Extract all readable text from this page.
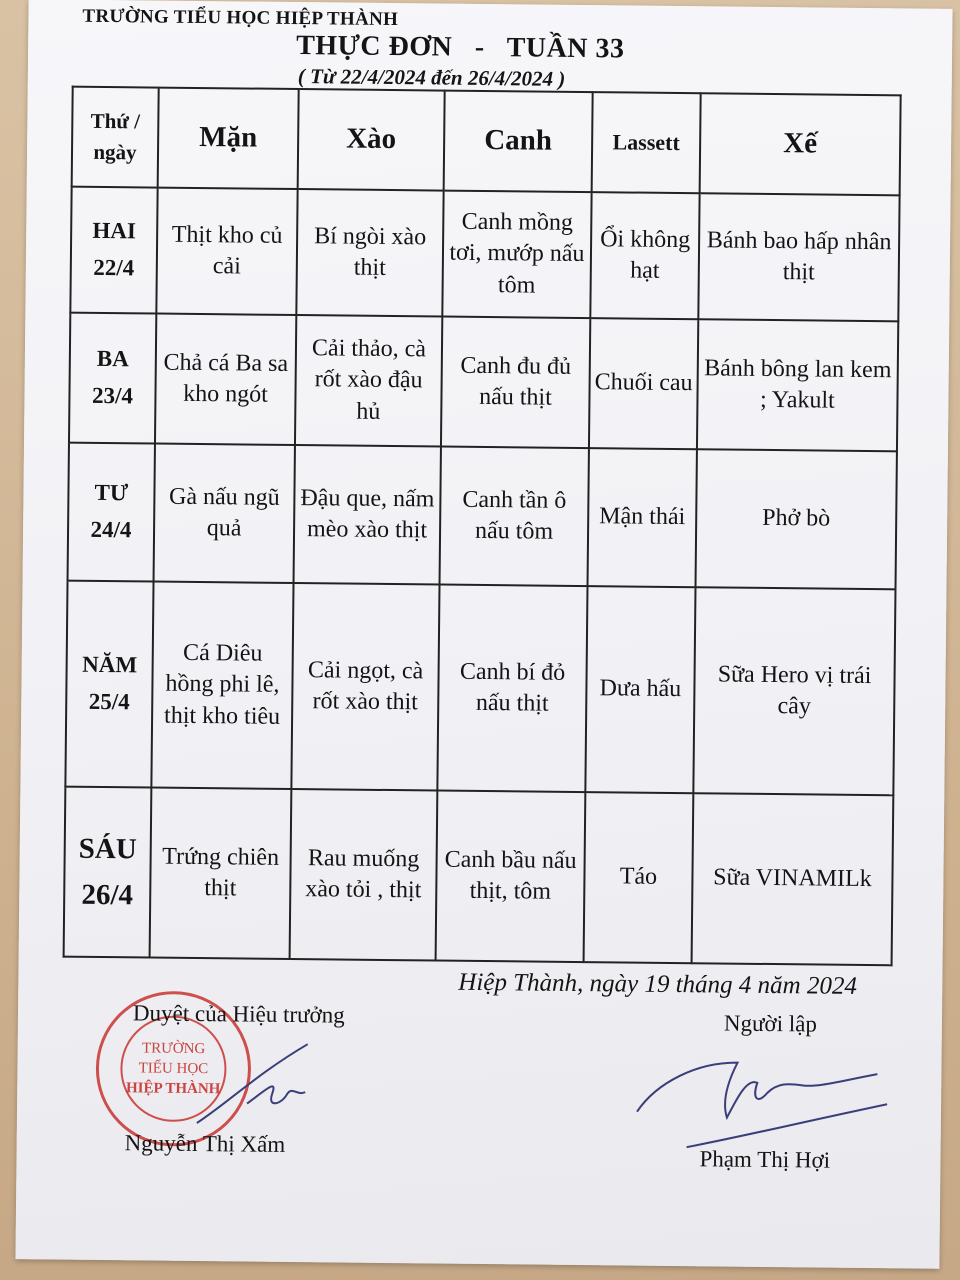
TRƯỜNG TIỂU HỌC HIỆP THÀNH
THỰC ĐƠN - TUẦN 33
( Từ 22/4/2024 đến 26/4/2024 )
Thứ /
ngày	Mặn	Xào	Canh	Lassett	Xế
HAI
22/4	Thịt kho củ cải	Bí ngòi xào thịt	Canh mồng tơi, mướp nấu tôm	Ổi không hạt	Bánh bao hấp nhân thịt
BA
23/4	Chả cá Ba sa kho ngót	Cải thảo, cà rốt xào đậu hủ	Canh đu đủ nấu thịt	Chuối cau	Bánh bông lan kem ; Yakult
TƯ
24/4	Gà nấu ngũ quả	Đậu que, nấm mèo xào thịt	Canh tần ô nấu tôm	Mận thái	Phở bò
NĂM
25/4	Cá Diêu hồng phi lê, thịt kho tiêu	Cải ngọt, cà rốt xào thịt	Canh bí đỏ nấu thịt	Dưa hấu	Sữa Hero vị trái cây
SÁU
26/4	Trứng chiên thịt	Rau muống xào tỏi , thịt	Canh bầu nấu thịt, tôm	Táo	Sữa VINAMILk
Hiệp Thành, ngày 19 tháng 4 năm 2024
TRƯỜNG
TIỂU HỌC
HIỆP THÀNH
Duyệt của Hiệu trưởng	Người lập
Nguyễn Thị Xấm
Phạm Thị Hợi
